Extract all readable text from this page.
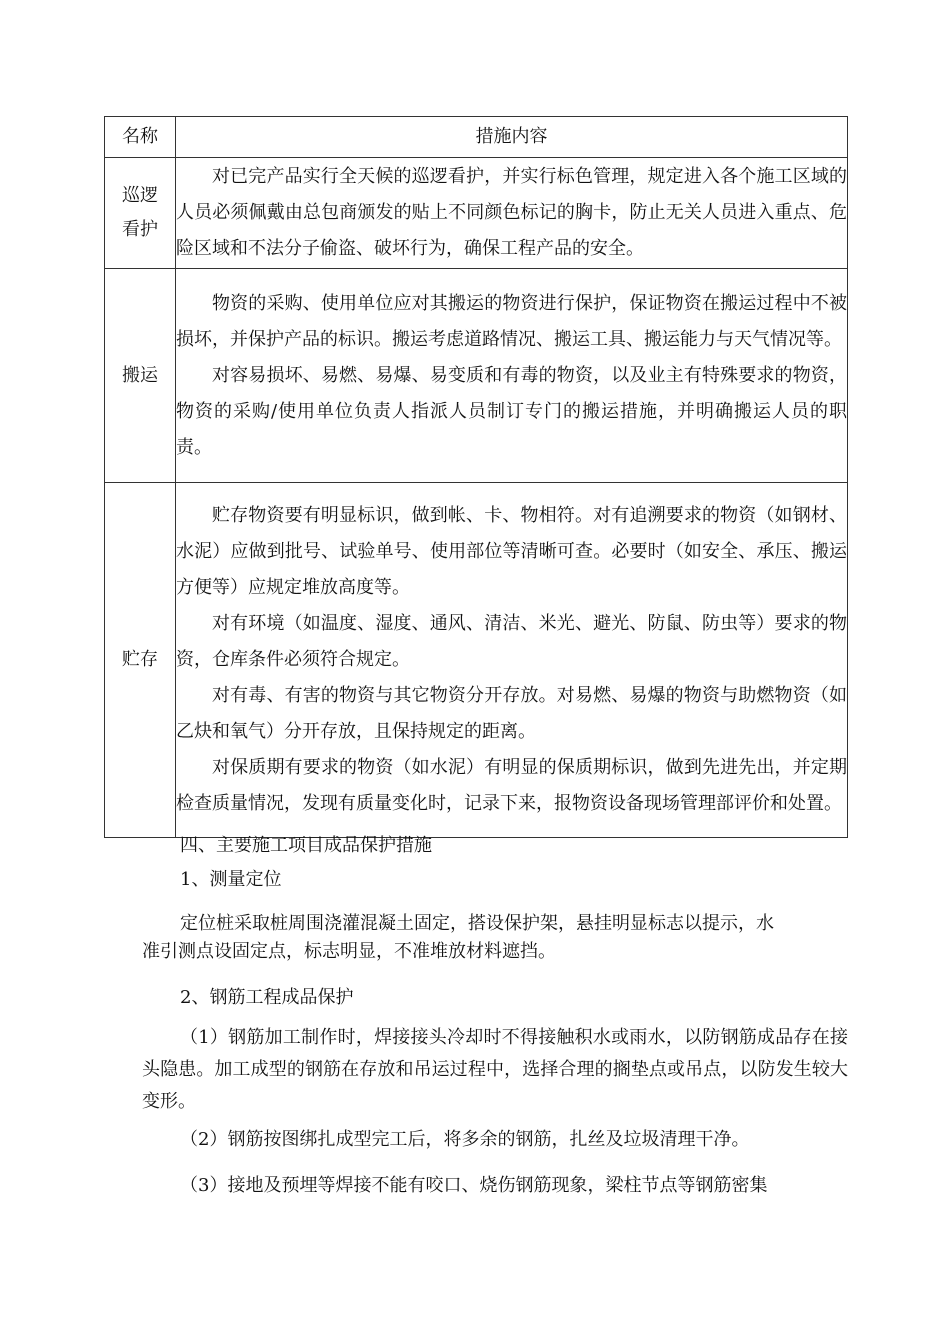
名称	措施内容
巡逻看护	对已完产品实行全天候的巡逻看护，并实行标色管理，规定进入各个施工区域的人员必须佩戴由总包商颁发的贴上不同颜色标记的胸卡，防止无关人员进入重点、危险区域和不法分子偷盗、破坏行为，确保工程产品的安全。

搬运	物资的采购、使用单位应对其搬运的物资进行保护，保证物资在搬运过程中不被损坏，并保护产品的标识。搬运考虑道路情况、搬运工具、搬运能力与天气情况等。

对容易损坏、易燃、易爆、易变质和有毒的物资，以及业主有特殊要求的物资，物资的采购/使用单位负责人指派人员制订专门的搬运措施，并明确搬运人员的职责。

贮存	贮存物资要有明显标识，做到帐、卡、物相符。对有追溯要求的物资（如钢材、水泥）应做到批号、试验单号、使用部位等清晰可查。必要时（如安全、承压、搬运方便等）应规定堆放高度等。

对有环境（如温度、湿度、通风、清洁、米光、避光、防鼠、防虫等）要求的物资，仓库条件必须符合规定。

对有毒、有害的物资与其它物资分开存放。对易燃、易爆的物资与助燃物资（如乙炔和氧气）分开存放，且保持规定的距离。

对保质期有要求的物资（如水泥）有明显的保质期标识，做到先进先出，并定期检查质量情况，发现有质量变化时，记录下来，报物资设备现场管理部评价和处置。

四、主要施工项目成品保护措施
1、测量定位
定位桩采取桩周围浇灌混凝土固定，搭设保护架，悬挂明显标志以提示，水
准引测点设固定点，标志明显，不准堆放材料遮挡。
2、钢筋工程成品保护

（1）钢筋加工制作时，焊接接头冷却时不得接触积水或雨水，以防钢筋成品存在接头隐患。加工成型的钢筋在存放和吊运过程中，选择合理的搁垫点或吊点，以防发生较大变形。

（2）钢筋按图绑扎成型完工后，将多余的钢筋，扎丝及垃圾清理干净。

（3）接地及预埋等焊接不能有咬口、烧伤钢筋现象，梁柱节点等钢筋密集
